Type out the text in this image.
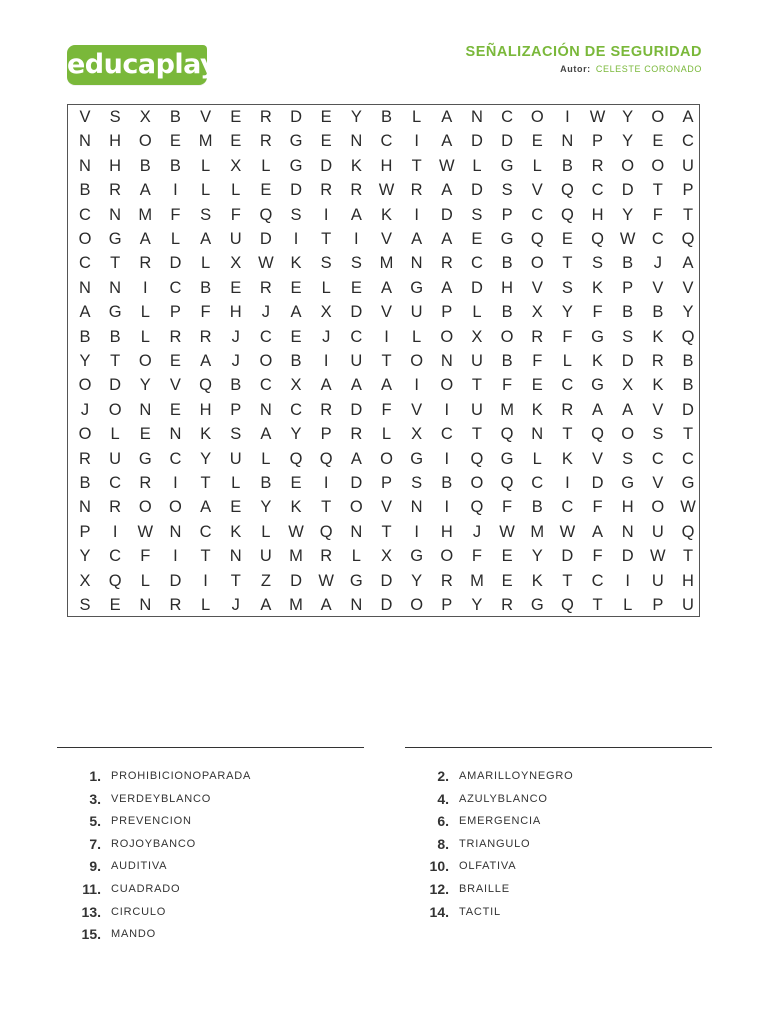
educaplay	SEÑALIZACIÓN DE SEGURIDAD
Autor: CELESTE CORONADO
V	S	X	B	V	E	R	D	E	Y	B	L	A	N	C	O	I	W	Y	O	A
N	H	O	E	M	E	R	G	E	N	C	I	A	D	D	E	N	P	Y	E	C
N	H	B	B	L	X	L	G	D	K	H	T	W	L	G	L	B	R	O	O	U
B	R	A	I	L	L	E	D	R	R W R	A	D	S	V	Q	C	D	T	P
C	N	M	F	S	F	Q	S	I	A	K	I	D	S	P	C	Q	H	Y	F	T
O	G	A	L	A	U	D	I	T	I	V	A	A	E	G	Q	E	Q W C	Q
C	T	R	D	L	X	W	K	S	S	M	N	R	C	B	O	T	S	B	J	A
N	N	I	C	B	E	R	E	L	E	A	G	A	D	H	V	S	K	P	V	V
A	G	L	P	F	H	J	A	X	D	V	U	P	L	B	X	Y	F	B	B	Y
B	B	L	R	R	J	C	E	J	C	I	L	O	X	O	R	F	G	S	K	Q
Y	T	O	E	A	J	O	B	I	U	T	O	N	U	B	F	L	K	D	R	B
O	D	Y	V	Q	B	C	X	A	A	A	I	O	T	F	E	C	G	X	K	B
J	O	N	E	H	P	N	C	R	D	F	V	I	U	M	K	R	A	A	V	D
O	L	E	N	K	S	A	Y	P	R	L	X	C	T	Q	N	T	Q	O	S	T
R	U	G	C	Y	U	L	Q	Q	A	O	G	I	Q	G	L	K	V	S	C	C
B	C	R	I	T	L	B	E	I	D	P	S	B	O	Q	C	I	D	G	V	G
N	R	O	O	A	E	Y	K	T	O	V	N	I	Q	F	B	C	F	H	O W
P	I	W N	C	K	L	W Q	N	T	I	H	J	W M W	A	N	U	Q
Y	C	F	I	T	N	U	M	R	L	X	G	O	F	E	Y	D	F	D W	T
X	Q	L	D	I	T	Z	D W G	D	Y	R	M	E	K	T	C	I	U	H
S	E	N	R	L	J	A	M	A	N	D	O	P	Y	R	G	Q	T	L	P	U
1. PROHIBICIONOPARADA	2. AMARILLOYNEGRO
3. VERDEYBLANCO	4. AZULYBLANCO
5. PREVENCION	6. EMERGENCIA
7. ROJOYBANCO	8. TRIANGULO
9. AUDITIVA	10. OLFATIVA
11. CUADRADO	12. BRAILLE
13. CIRCULO	14. TACTIL
15. MANDO
